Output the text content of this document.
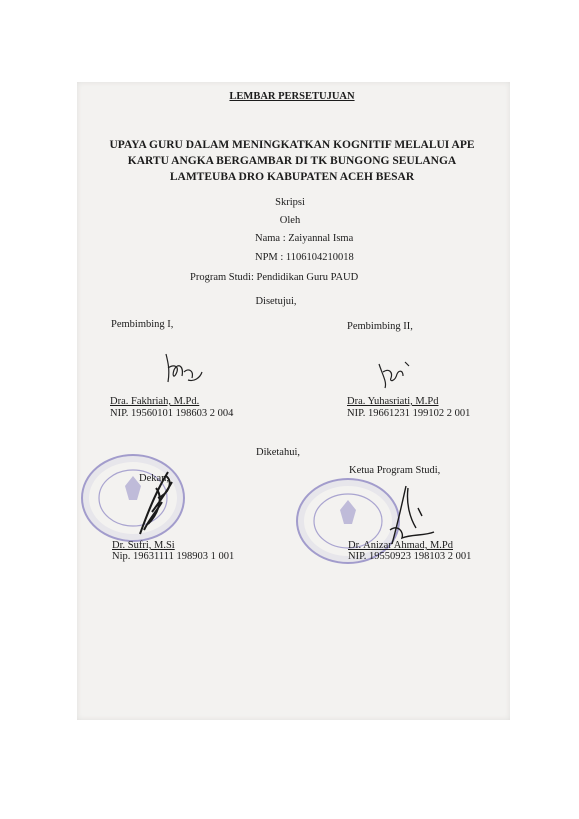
LEMBAR PERSETUJUAN
UPAYA GURU DALAM MENINGKATKAN KOGNITIF MELALUI APE
KARTU ANGKA BERGAMBAR DI TK BUNGONG SEULANGA
LAMTEUBA DRO KABUPATEN ACEH BESAR
Skripsi
Oleh
Nama : Zaiyannal Isma
NPM : 1106104210018
Program Studi: Pendidikan Guru PAUD
Disetujui,
Pembimbing I,	Pembimbing II,
Dra. Fakhriah, M.Pd.
NIP. 19560101 198603 2 004
Dra. Yuhasriati, M.Pd
NIP. 19661231 199102 2 001
Diketahui,
Dekan,
Dr. Sufri, M.Si
Nip. 19631111 198903 1 001
Ketua Program Studi,
Dr. Anizar Ahmad, M.Pd
NIP. 19550923 198103 2 001
